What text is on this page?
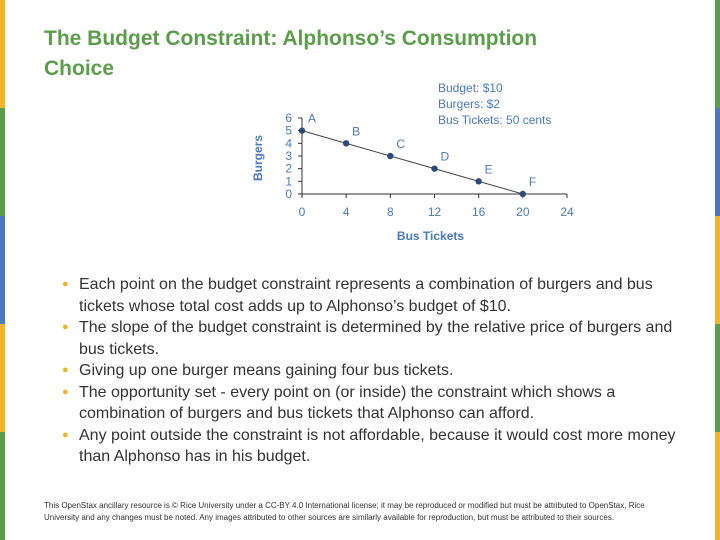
The Budget Constraint: Alphonso’s Consumption Choice
Budget: $10
Burgers: $2
Bus Tickets: 50 cents
0	4	8	12	16	20	24
0
1
2
3
4
5
6 A
B
C
D
E
F
Bus Tickets
Burgers
● Each point on the budget constraint represents a combination of burgers and bus tickets whose total cost adds up to Alphonso’s budget of $10.
● The slope of the budget constraint is determined by the relative price of burgers and bus tickets.
● Giving up one burger means gaining four bus tickets.
● The opportunity set - every point on (or inside) the constraint which shows a combination of burgers and bus tickets that Alphonso can afford.
● Any point outside the constraint is not affordable, because it would cost more money than Alphonso has in his budget.

This OpenStax ancillary resource is © Rice University under a CC-BY 4.0 International license; it may be reproduced or modified but must be attributed to OpenStax, Rice University and any changes must be noted. Any images attributed to other sources are similarly available for reproduction, but must be attributed to their sources.
